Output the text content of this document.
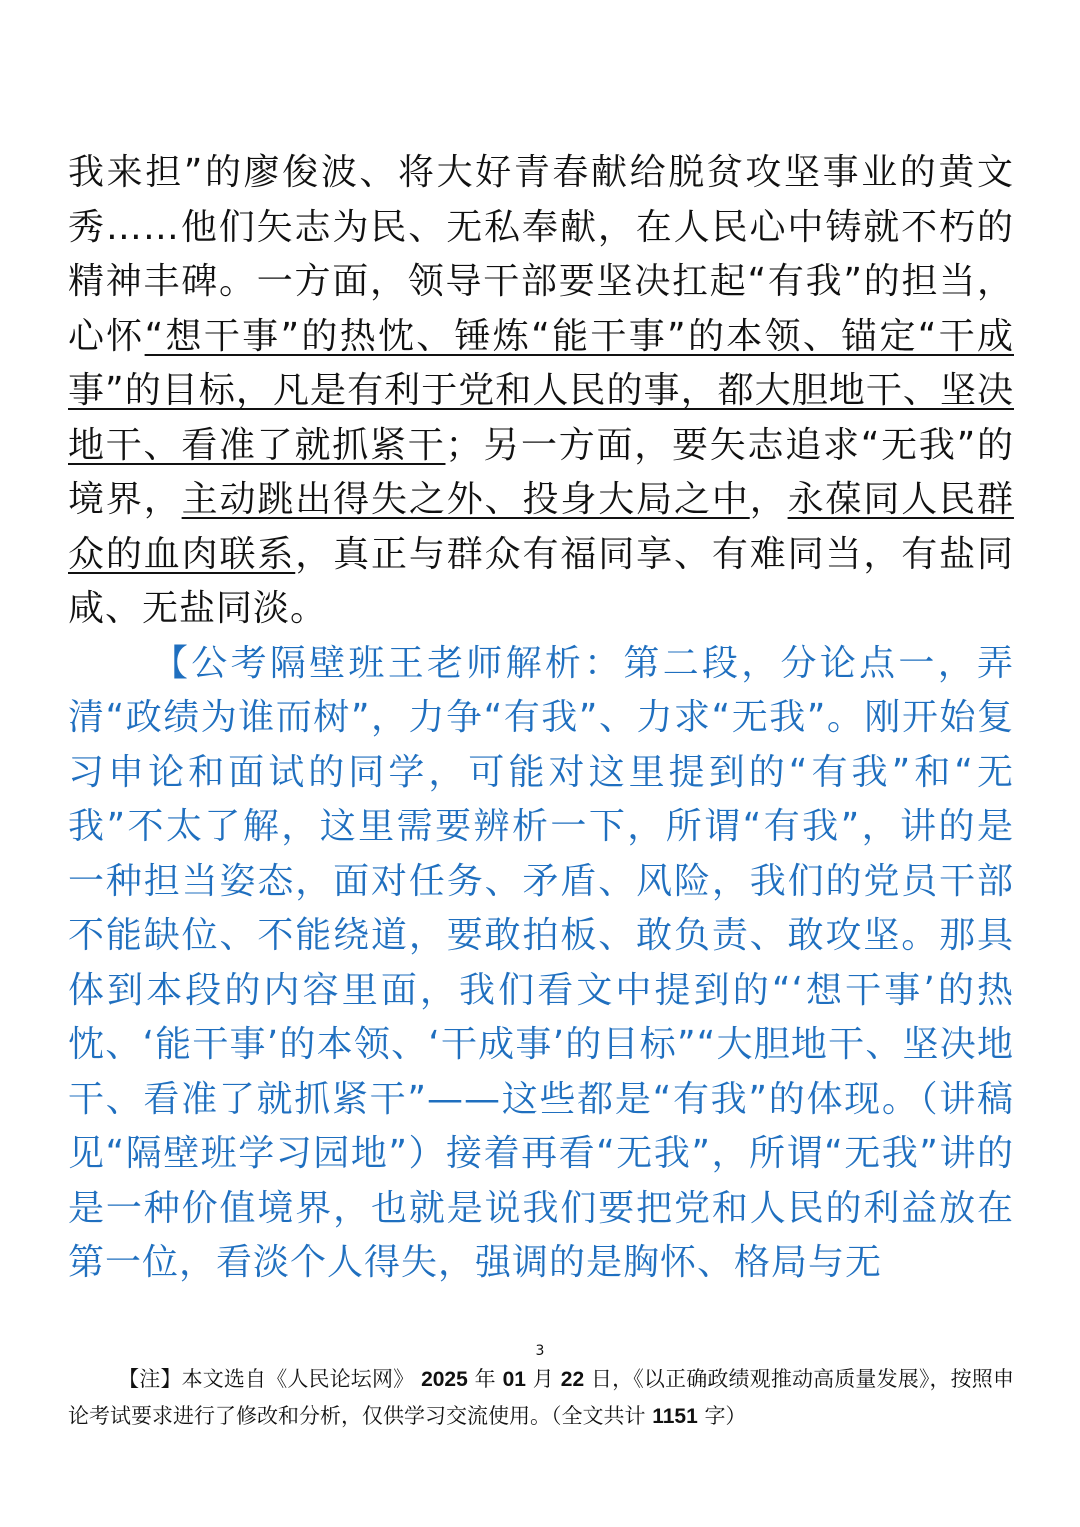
我来担”的廖俊波、将大好青春献给脱贫攻坚事业的黄文秀……他们矢志为民、无私奉献，在人民心中铸就不朽的精神丰碑。一方面，领导干部要坚决扛起“有我”的担当，心怀“想干事”的热忱、锤炼“能干事”的本领、锚定“干成事”的目标，凡是有利于党和人民的事，都大胆地干、坚决地干、看准了就抓紧干；另一方面，要矢志追求“无我”的境界，主动跳出得失之外、投身大局之中，永葆同人民群众的血肉联系，真正与群众有福同享、有难同当，有盐同咸、无盐同淡。
【公考隔壁班王老师解析：第二段，分论点一，弄清“政绩为谁而树”，力争“有我”、力求“无我”。刚开始复习申论和面试的同学，可能对这里提到的“有我”和“无我”不太了解，这里需要辨析一下，所谓“有我”，讲的是一种担当姿态，面对任务、矛盾、风险，我们的党员干部不能缺位、不能绕道，要敢拍板、敢负责、敢攻坚。那具体到本段的内容里面，我们看文中提到的“‘想干事’的热忱、‘能干事’的本领、‘干成事’的目标”“大胆地干、坚决地干、看准了就抓紧干”——这些都是“有我”的体现。（讲稿见“隔壁班学习园地”）接着再看“无我”，所谓“无我”讲的是一种价值境界，也就是说我们要把党和人民的利益放在第一位，看淡个人得失，强调的是胸怀、格局与无
3
【注】本文选自《人民论坛网》 2025 年 01 月 22 日，《以正确政绩观推动高质量发展》，按照申论考试要求进行了修改和分析，仅供学习交流使用。（全文共计 1151 字）
